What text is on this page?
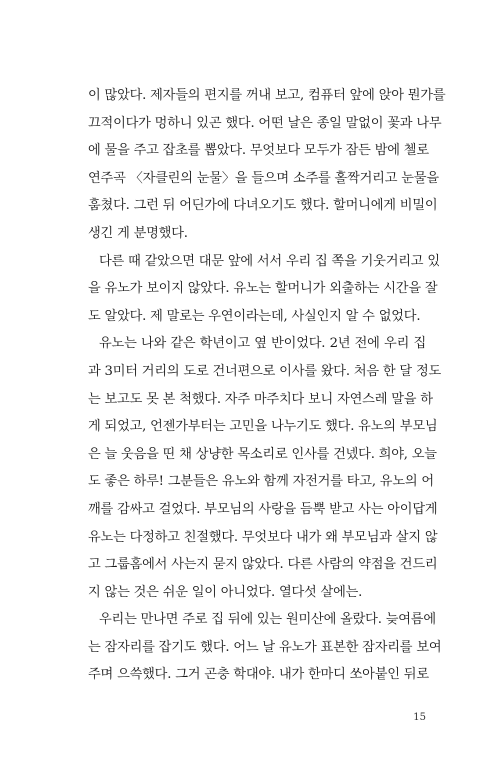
이 많았다. 제자들의 편지를 꺼내 보고, 컴퓨터 앞에 앉아 뭔가를
끄적이다가 멍하니 있곤 했다. 어떤 날은 종일 말없이 꽃과 나무
에 물을 주고 잡초를 뽑았다. 무엇보다 모두가 잠든 밤에 첼로
연주곡 〈자클린의 눈물〉을 들으며 소주를 홀짝거리고 눈물을
훔쳤다. 그런 뒤 어딘가에 다녀오기도 했다. 할머니에게 비밀이
생긴 게 분명했다.
다른 때 같았으면 대문 앞에 서서 우리 집 쪽을 기웃거리고 있
을 유노가 보이지 않았다. 유노는 할머니가 외출하는 시간을 잘
도 알았다. 제 말로는 우연이라는데, 사실인지 알 수 없었다.
유노는 나와 같은 학년이고 옆 반이었다. 2년 전에 우리 집
과 3미터 거리의 도로 건너편으로 이사를 왔다. 처음 한 달 정도
는 보고도 못 본 척했다. 자주 마주치다 보니 자연스레 말을 하
게 되었고, 언젠가부터는 고민을 나누기도 했다. 유노의 부모님
은 늘 웃음을 띤 채 상냥한 목소리로 인사를 건넸다. 희야, 오늘
도 좋은 하루! 그분들은 유노와 함께 자전거를 타고, 유노의 어
깨를 감싸고 걸었다. 부모님의 사랑을 듬뿍 받고 사는 아이답게
유노는 다정하고 친절했다. 무엇보다 내가 왜 부모님과 살지 않
고 그룹홈에서 사는지 묻지 않았다. 다른 사람의 약점을 건드리
지 않는 것은 쉬운 일이 아니었다. 열다섯 살에는.
우리는 만나면 주로 집 뒤에 있는 원미산에 올랐다. 늦여름에
는 잠자리를 잡기도 했다. 어느 날 유노가 표본한 잠자리를 보여
주며 으쓱했다. 그거 곤충 학대야. 내가 한마디 쏘아붙인 뒤로
15
